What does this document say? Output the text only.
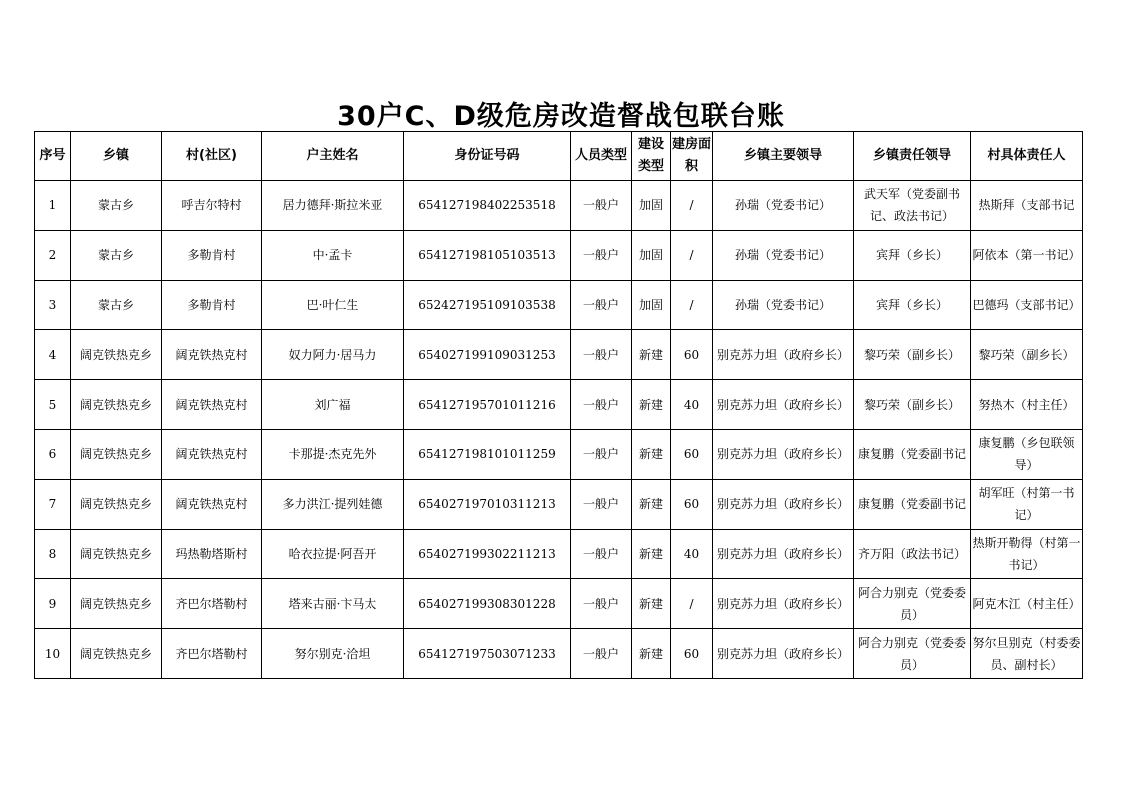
30户C、D级危房改造督战包联台账
序号	乡镇	村(社区)	户主姓名	身份证号码	人员类型	建设类型	建房面积	乡镇主要领导	乡镇责任领导	村具体责任人
1	蒙古乡	呼吉尔特村	居力德拜·斯拉米亚	654127198402253518	一般户	加固	/	孙瑞（党委书记）	武天军（党委副书记、政法书记）	热斯拜（支部书记
2	蒙古乡	多勒肯村	中·孟卡	654127198105103513	一般户	加固	/	孙瑞（党委书记）	宾拜（乡长）	阿依本（第一书记）
3	蒙古乡	多勒肯村	巴·叶仁生	652427195109103538	一般户	加固	/	孙瑞（党委书记）	宾拜（乡长）	巴德玛（支部书记）
4	阔克铁热克乡	阔克铁热克村	奴力阿力·居马力	654027199109031253	一般户	新建	60	别克苏力坦（政府乡长）	黎巧荣（副乡长）	黎巧荣（副乡长）
5	阔克铁热克乡	阔克铁热克村	刘广福	654127195701011216	一般户	新建	40	别克苏力坦（政府乡长）	黎巧荣（副乡长）	努热木（村主任）
6	阔克铁热克乡	阔克铁热克村	卡那提·杰克先外	654127198101011259	一般户	新建	60	别克苏力坦（政府乡长）	康复鹏（党委副书记	康复鹏（乡包联领导）
7	阔克铁热克乡	阔克铁热克村	多力洪江·提列娃德	654027197010311213	一般户	新建	60	别克苏力坦（政府乡长）	康复鹏（党委副书记	胡军旺（村第一书记）
8	阔克铁热克乡	玛热勒塔斯村	哈衣拉提·阿吾开	654027199302211213	一般户	新建	40	别克苏力坦（政府乡长）	齐万阳（政法书记）	热斯开勒得（村第一书记）
9	阔克铁热克乡	齐巴尔塔勒村	塔来古丽·卞马太	654027199308301228	一般户	新建	/	别克苏力坦（政府乡长）	阿合力别克（党委委员）	阿克木江（村主任）
10	阔克铁热克乡	齐巴尔塔勒村	努尔别克·洽坦	654127197503071233	一般户	新建	60	别克苏力坦（政府乡长）	阿合力别克（党委委员）	努尔旦别克（村委委员、副村长）
